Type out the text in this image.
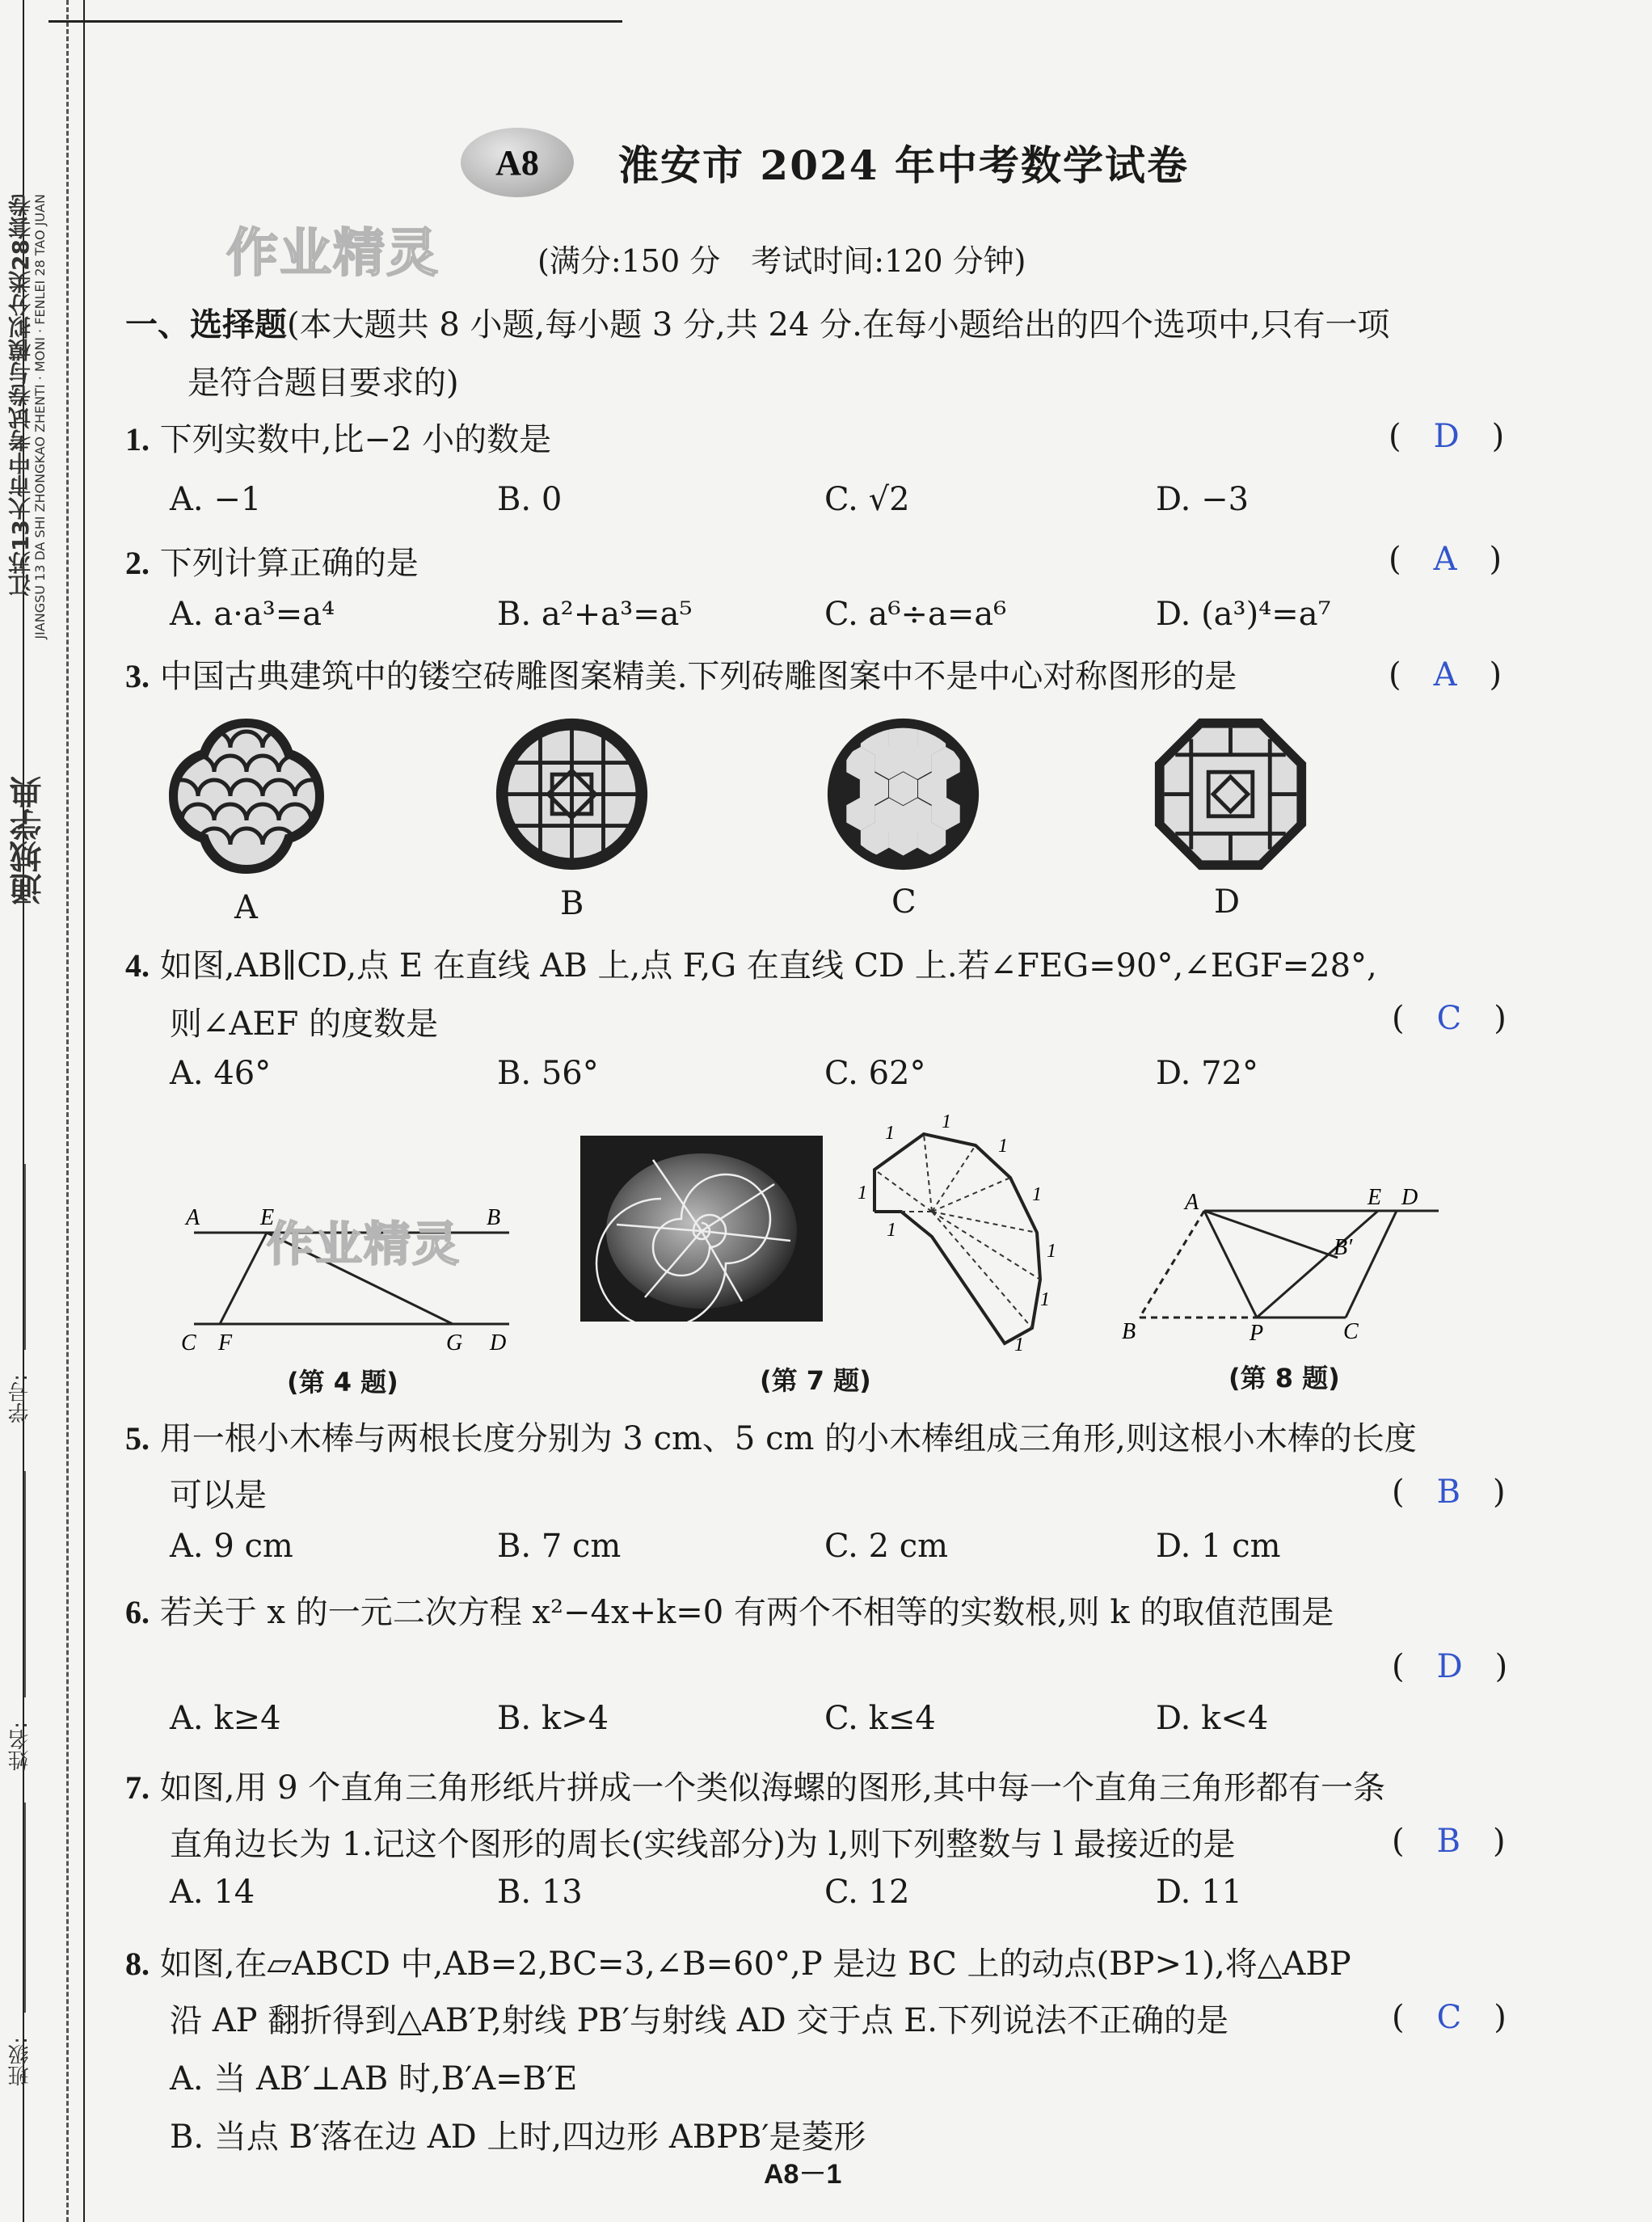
通城学典
江苏13大市中考试卷与模拟分类28套卷
JIANGSU 13 DA SHI ZHONGKAO ZHENTI · MONI · FENLEI 28 TAO JUAN
学号:
姓名:
班级:
A8	淮安市 2024 年中考数学试卷
作业精灵	(满分:150 分　考试时间:120 分钟)
一、选择题(本大题共 8 小题,每小题 3 分,共 24 分.在每小题给出的四个选项中,只有一项
是符合题目要求的)
1. 下列实数中,比−2 小的数是	(　D　)
A. −1	B. 0	C. √2	D. −3
2. 下列计算正确的是	(　A　)
A. a·a³=a⁴	B. a²+a³=a⁵	C. a⁶÷a=a⁶	D. (a³)⁴=a⁷
3. 中国古典建筑中的镂空砖雕图案精美.下列砖雕图案中不是中心对称图形的是	(　A　)
A	B	C	D
4. 如图,AB∥CD,点 E 在直线 AB 上,点 F,G 在直线 CD 上.若∠FEG=90°,∠EGF=28°,
则∠AEF 的度数是	(　C　)
A. 46°	B. 56°	C. 62°	D. 72°
A	E	B
C F	G D
作业精灵
(第 4 题)
1
1
1
1
1
1
1
1
1
(第 7 题)
A	E D
B′
B	P	C
(第 8 题)
5. 用一根小木棒与两根长度分别为 3 cm、5 cm 的小木棒组成三角形,则这根小木棒的长度
可以是	(　B　)
A. 9 cm	B. 7 cm	C. 2 cm	D. 1 cm
6. 若关于 x 的一元二次方程 x²−4x+k=0 有两个不相等的实数根,则 k 的取值范围是
(　D　)
A. k≥4	B. k>4	C. k≤4	D. k<4
7. 如图,用 9 个直角三角形纸片拼成一个类似海螺的图形,其中每一个直角三角形都有一条
直角边长为 1.记这个图形的周长(实线部分)为 l,则下列整数与 l 最接近的是	(　B　)
A. 14	B. 13	C. 12	D. 11
8. 如图,在▱ABCD 中,AB=2,BC=3,∠B=60°,P 是边 BC 上的动点(BP>1),将△ABP
沿 AP 翻折得到△AB′P,射线 PB′与射线 AD 交于点 E.下列说法不正确的是	(　C　)
A. 当 AB′⊥AB 时,B′A=B′E
B. 当点 B′落在边 AD 上时,四边形 ABPB′是菱形
A8－1
